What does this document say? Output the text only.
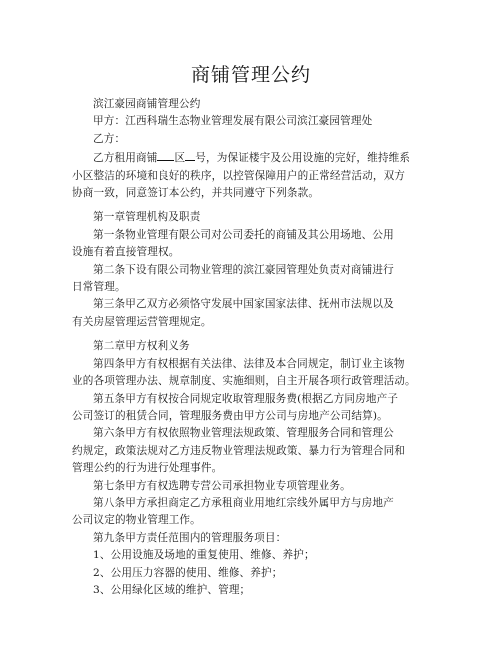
商铺管理公约

滨江豪园商铺管理公约

甲方：江西科瑞生态物业管理发展有限公司滨江豪园管理处

乙方：

乙方租用商铺 区 号，为保证楼宇及公用设施的完好，维持维系

小区整洁的环境和良好的秩序，以控管保障用户的正常经营活动，双方

协商一致，同意签订本公约，并共同遵守下列条款。

第一章管理机构及职责

第一条物业管理有限公司对公司委托的商铺及其公用场地、公用

设施有着直接管理权。

第二条下设有限公司物业管理的滨江豪园管理处负责对商铺进行

日常管理。

第三条甲乙双方必须恪守发展中国家国家法律、抚州市法规以及

有关房屋管理运营管理规定。

第二章甲方权利义务

第四条甲方有权根据有关法律、法律及本合同规定，制订业主该物

业的各项管理办法、规章制度、实施细则，自主开展各项行政管理活动。

第五条甲方有权按合同规定收取管理服务费(根据乙方同房地产子

公司签订的租赁合同，管理服务费由甲方公司与房地产公司结算)。

第六条甲方有权依照物业管理法规政策、管理服务合同和管理公

约规定，政策法规对乙方违反物业管理法规政策、暴力行为管理合同和

管理公约的行为进行处理事件。

第七条甲方有权选聘专营公司承担物业专项管理业务。

第八条甲方承担商定乙方承租商业用地红宗线外属甲方与房地产

公司议定的物业管理工作。

第九条甲方责任范围内的管理服务项目：

1、公用设施及场地的重复使用、维修、养护；

2、公用压力容器的使用、维修、养护；

3、公用绿化区域的维护、管理；
